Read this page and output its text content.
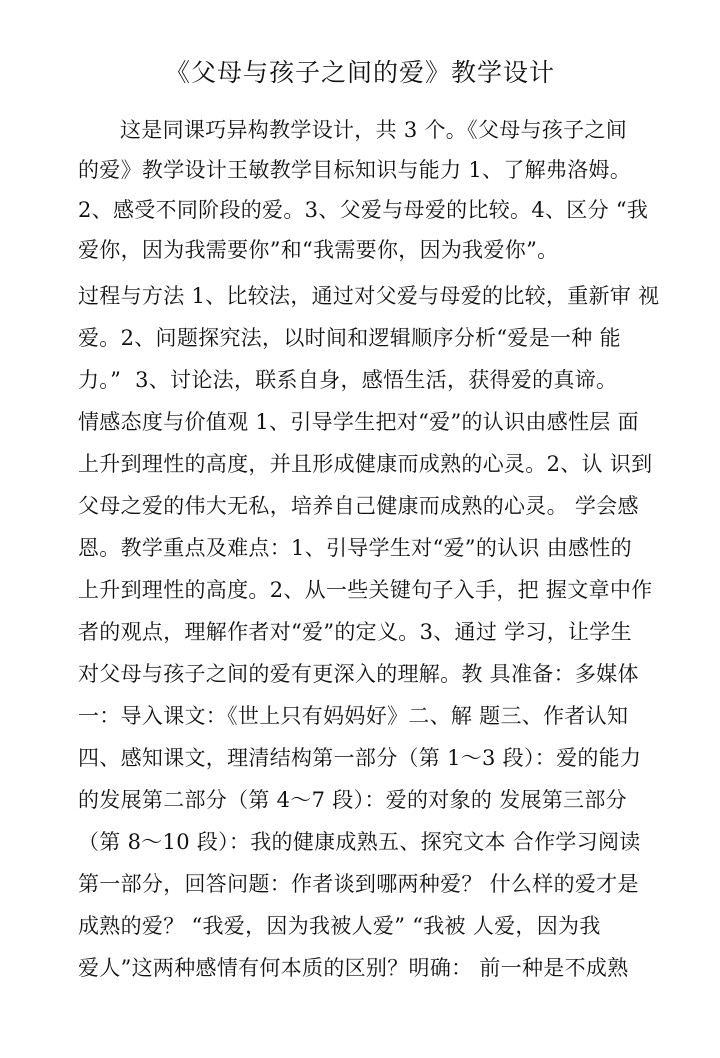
《父母与孩子之间的爱》教学设计
这是同课巧异构教学设计，共 3 个。《父母与孩子之间
的爱》教学设计王敏教学目标知识与能力 1、了解弗洛姆。
2、感受不同阶段的爱。3、父爱与母爱的比较。4、区分 “我
爱你，因为我需要你”和“我需要你，因为我爱你”。
过程与方法 1、比较法，通过对父爱与母爱的比较，重新审 视
爱。2、问题探究法，以时间和逻辑顺序分析“爱是一种 能
力。”  3、讨论法，联系自身，感悟生活，获得爱的真谛。
情感态度与价值观 1、引导学生把对“爱”的认识由感性层 面
上升到理性的高度，并且形成健康而成熟的心灵。2、认 识到
父母之爱的伟大无私，培养自己健康而成熟的心灵。 学会感
恩。教学重点及难点：1、引导学生对“爱”的认识 由感性的
上升到理性的高度。2、从一些关键句子入手，把 握文章中作
者的观点，理解作者对“爱”的定义。3、通过 学习，让学生
对父母与孩子之间的爱有更深入的理解。教 具准备：多媒体
一：导入课文：《世上只有妈妈好》二、解 题三、作者认知
四、感知课文，理清结构第一部分（第 1～3 段）：爱的能力
的发展第二部分（第 4～7 段）：爱的对象的 发展第三部分
（第 8～10 段）：我的健康成熟五、探究文本 合作学习阅读
第一部分，回答问题：作者谈到哪两种爱？ 什么样的爱才是
成熟的爱？ “我爱，因为我被人爱” “我被 人爱，因为我
爱人”这两种感情有何本质的区别？明确： 前一种是不成熟
